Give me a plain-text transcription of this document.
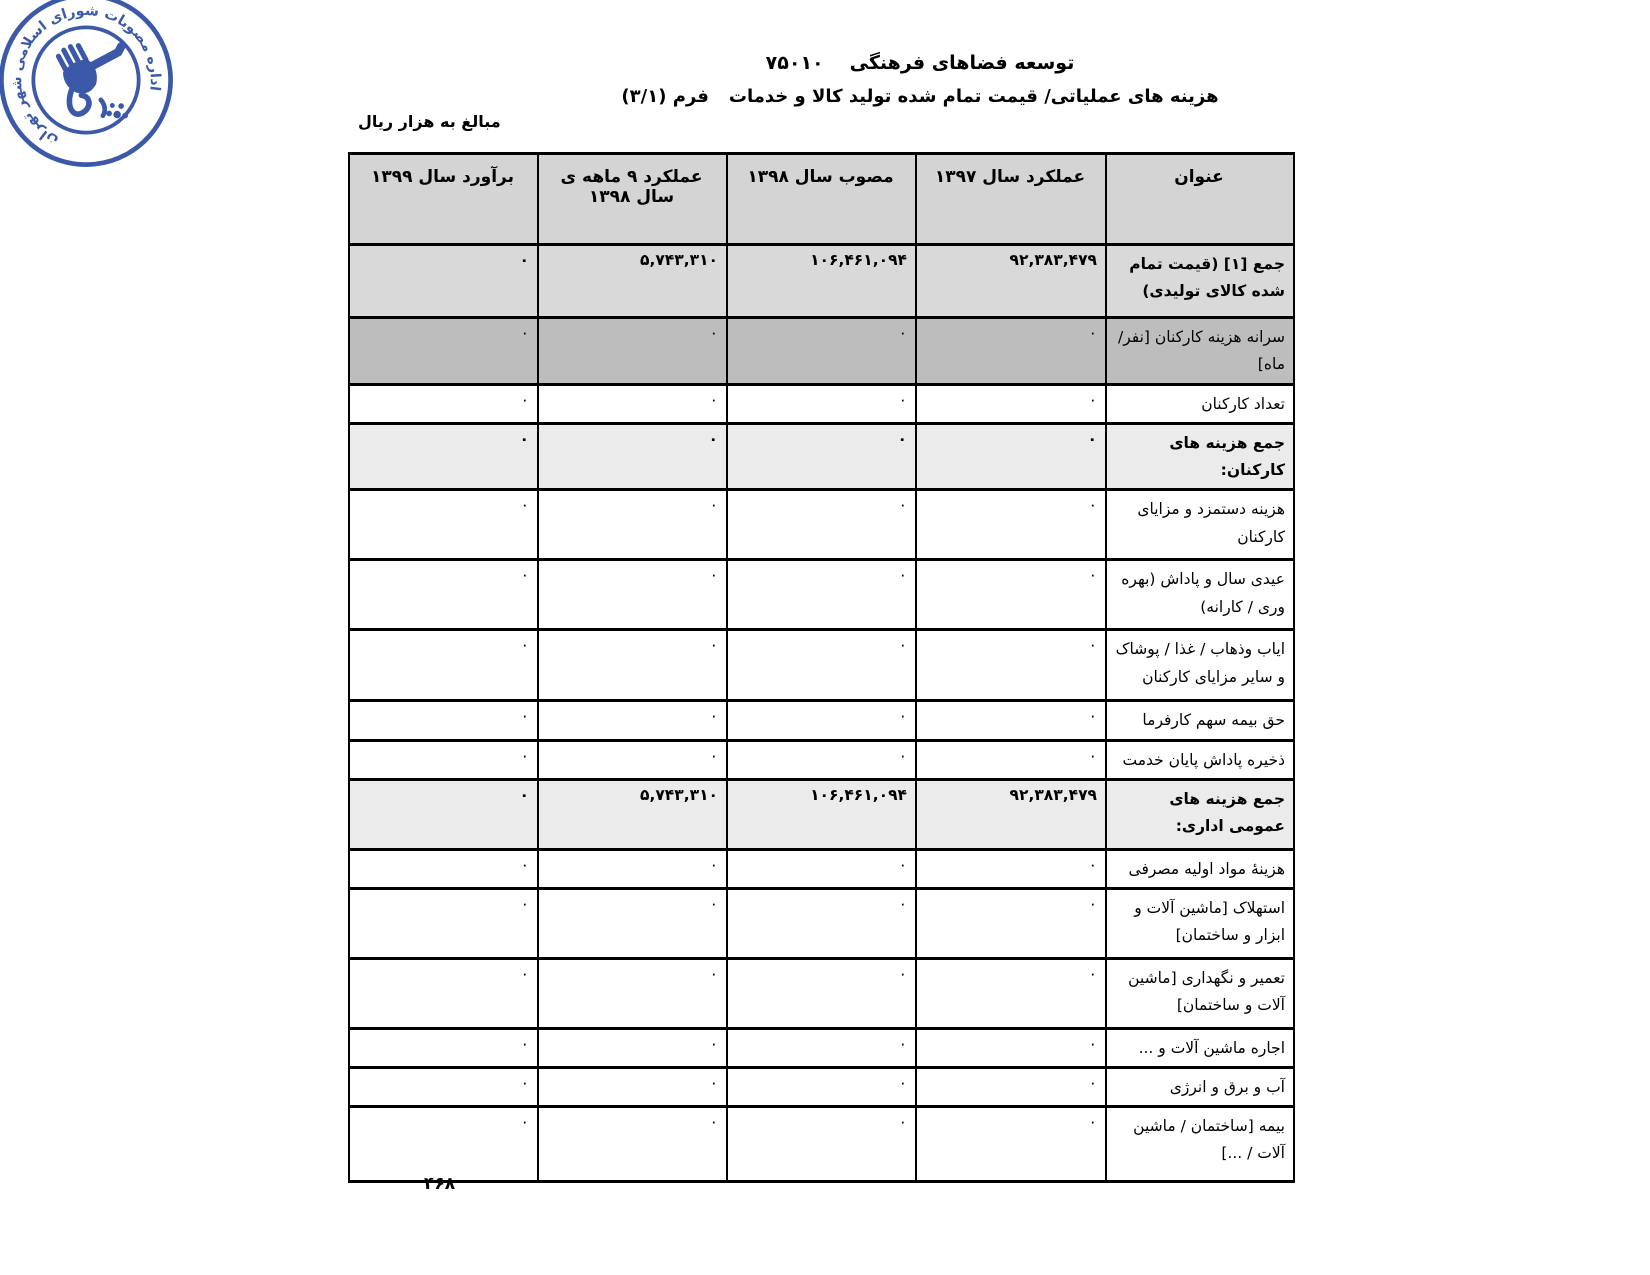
اداره مصوبات شورای اسلامی شهر تهران
توسعه فضاهای فرهنگی
۷۵۰۱۰
هزینه های عملیاتی/ قیمت تمام شده تولید کالا و خدمات
فرم (۳/۱)
مبالغ به هزار ریال
عنوان	عملکرد سال ۱۳۹۷	مصوب سال ۱۳۹۸	عملکرد ۹ ماهه ی سال ۱۳۹۸	برآورد سال ۱۳۹۹
جمع [۱] (قیمت تمام شده کالای تولیدی)	۹۲,۳۸۳,۴۷۹	۱۰۶,۴۶۱,۰۹۴	۵,۷۴۳,۳۱۰	۰
سرانه هزینه کارکنان [نفر/ماه]	۰	۰	۰	۰
تعداد کارکنان	۰	۰	۰	۰
جمع هزینه های کارکنان:	۰	۰	۰	۰
هزینه دستمزد و مزایای کارکنان	۰	۰	۰	۰
عیدی سال و پاداش (بهره وری / کارانه)	۰	۰	۰	۰
ایاب وذهاب / غذا / پوشاک و سایر مزایای کارکنان	۰	۰	۰	۰
حق بیمه سهم کارفرما	۰	۰	۰	۰
ذخیره پاداش پایان خدمت	۰	۰	۰	۰
جمع هزینه های عمومی اداری:	۹۲,۳۸۳,۴۷۹	۱۰۶,۴۶۱,۰۹۴	۵,۷۴۳,۳۱۰	۰
هزینهٔ مواد اولیه مصرفی	۰	۰	۰	۰
استهلاک [ماشین آلات و ابزار و ساختمان]	۰	۰	۰	۰
تعمیر و نگهداری [ماشین آلات و ساختمان]	۰	۰	۰	۰
اجاره ماشین آلات و ...	۰	۰	۰	۰
آب و برق و انرژی	۰	۰	۰	۰
بیمه [ساختمان / ماشین آلات / ...]	۰	۰	۰	۰
۴۶۸
